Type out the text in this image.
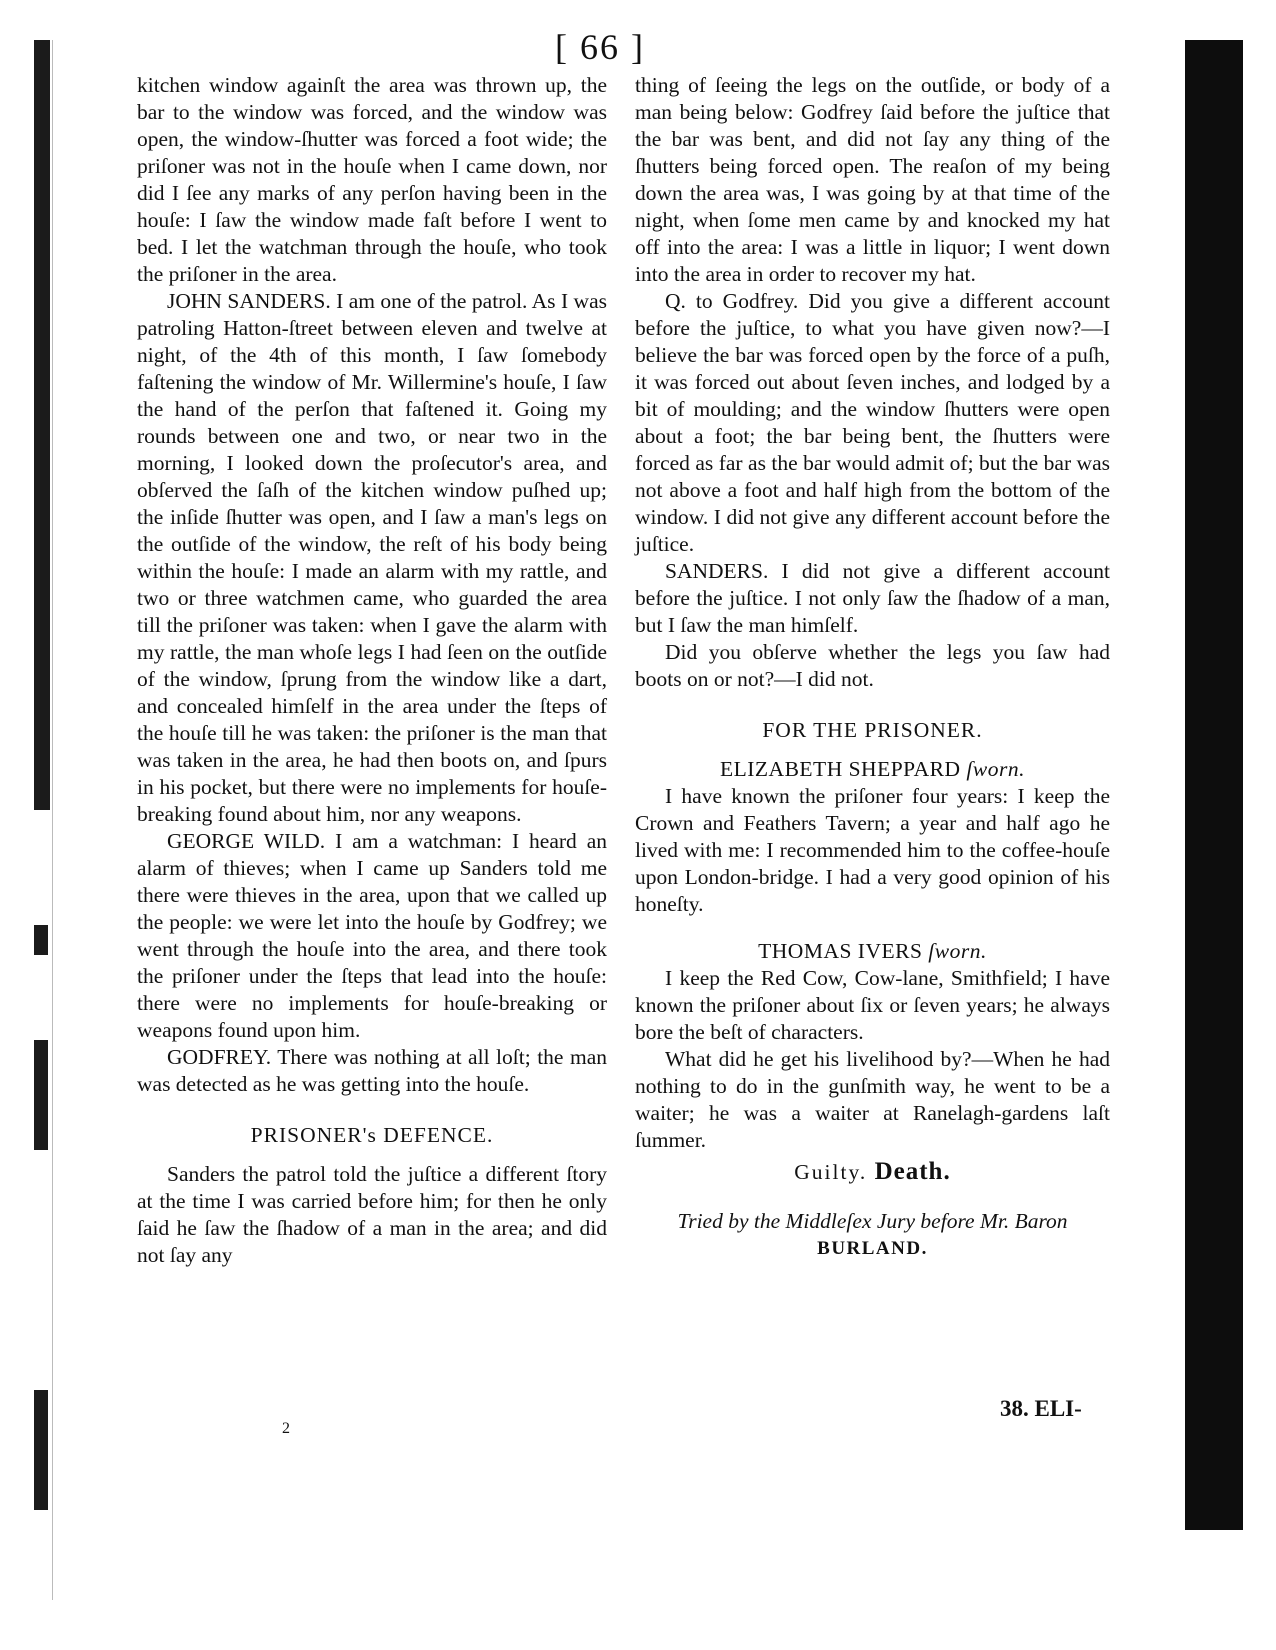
[ 66 ]

kitchen window againſt the area was thrown up, the bar to the window was forced, and the window was open, the window-ſhutter was forced a foot wide; the priſoner was not in the houſe when I came down, nor did I ſee any marks of any perſon having been in the houſe: I ſaw the window made faſt before I went to bed. I let the watchman through the houſe, who took the priſoner in the area.

JOHN SANDERS. I am one of the patrol. As I was patroling Hatton-ſtreet between eleven and twelve at night, of the 4th of this month, I ſaw ſomebody faſtening the window of Mr. Willermine's houſe, I ſaw the hand of the perſon that faſtened it. Going my rounds between one and two, or near two in the morning, I looked down the proſecutor's area, and obſerved the ſaſh of the kitchen window puſhed up; the inſide ſhutter was open, and I ſaw a man's legs on the outſide of the window, the reſt of his body being within the houſe: I made an alarm with my rattle, and two or three watchmen came, who guarded the area till the priſoner was taken: when I gave the alarm with my rattle, the man whoſe legs I had ſeen on the outſide of the window, ſprung from the window like a dart, and concealed himſelf in the area under the ſteps of the houſe till he was taken: the priſoner is the man that was taken in the area, he had then boots on, and ſpurs in his pocket, but there were no implements for houſe-breaking found about him, nor any weapons.

GEORGE WILD. I am a watchman: I heard an alarm of thieves; when I came up Sanders told me there were thieves in the area, upon that we called up the people: we were let into the houſe by Godfrey; we went through the houſe into the area, and there took the priſoner under the ſteps that lead into the houſe: there were no implements for houſe-breaking or weapons found upon him.

GODFREY. There was nothing at all loſt; the man was detected as he was getting into the houſe.

PRISONER's DEFENCE.

Sanders the patrol told the juſtice a different ſtory at the time I was carried before him; for then he only ſaid he ſaw the ſhadow of a man in the area; and did not ſay any

2

thing of ſeeing the legs on the outſide, or body of a man being below: Godfrey ſaid before the juſtice that the bar was bent, and did not ſay any thing of the ſhutters being forced open. The reaſon of my being down the area was, I was going by at that time of the night, when ſome men came by and knocked my hat off into the area: I was a little in liquor; I went down into the area in order to recover my hat.

Q. to Godfrey. Did you give a different account before the juſtice, to what you have given now?—I believe the bar was forced open by the force of a puſh, it was forced out about ſeven inches, and lodged by a bit of moulding; and the window ſhutters were open about a foot; the bar being bent, the ſhutters were forced as far as the bar would admit of; but the bar was not above a foot and half high from the bottom of the window. I did not give any different account before the juſtice.

SANDERS. I did not give a different account before the juſtice. I not only ſaw the ſhadow of a man, but I ſaw the man himſelf.

Did you obſerve whether the legs you ſaw had boots on or not?—I did not.

FOR THE PRISONER.

ELIZABETH SHEPPARD ſworn.

I have known the priſoner four years: I keep the Crown and Feathers Tavern; a year and half ago he lived with me: I recommended him to the coffee-houſe upon London-bridge. I had a very good opinion of his honeſty.

THOMAS IVERS ſworn.

I keep the Red Cow, Cow-lane, Smithfield; I have known the priſoner about ſix or ſeven years; he always bore the beſt of characters.

What did he get his livelihood by?—When he had nothing to do in the gunſmith way, he went to be a waiter; he was a waiter at Ranelagh-gardens laſt ſummer.

Guilty. Death.

Tried by the Middleſex Jury before Mr. Baron

BURLAND.

38. ELI-
